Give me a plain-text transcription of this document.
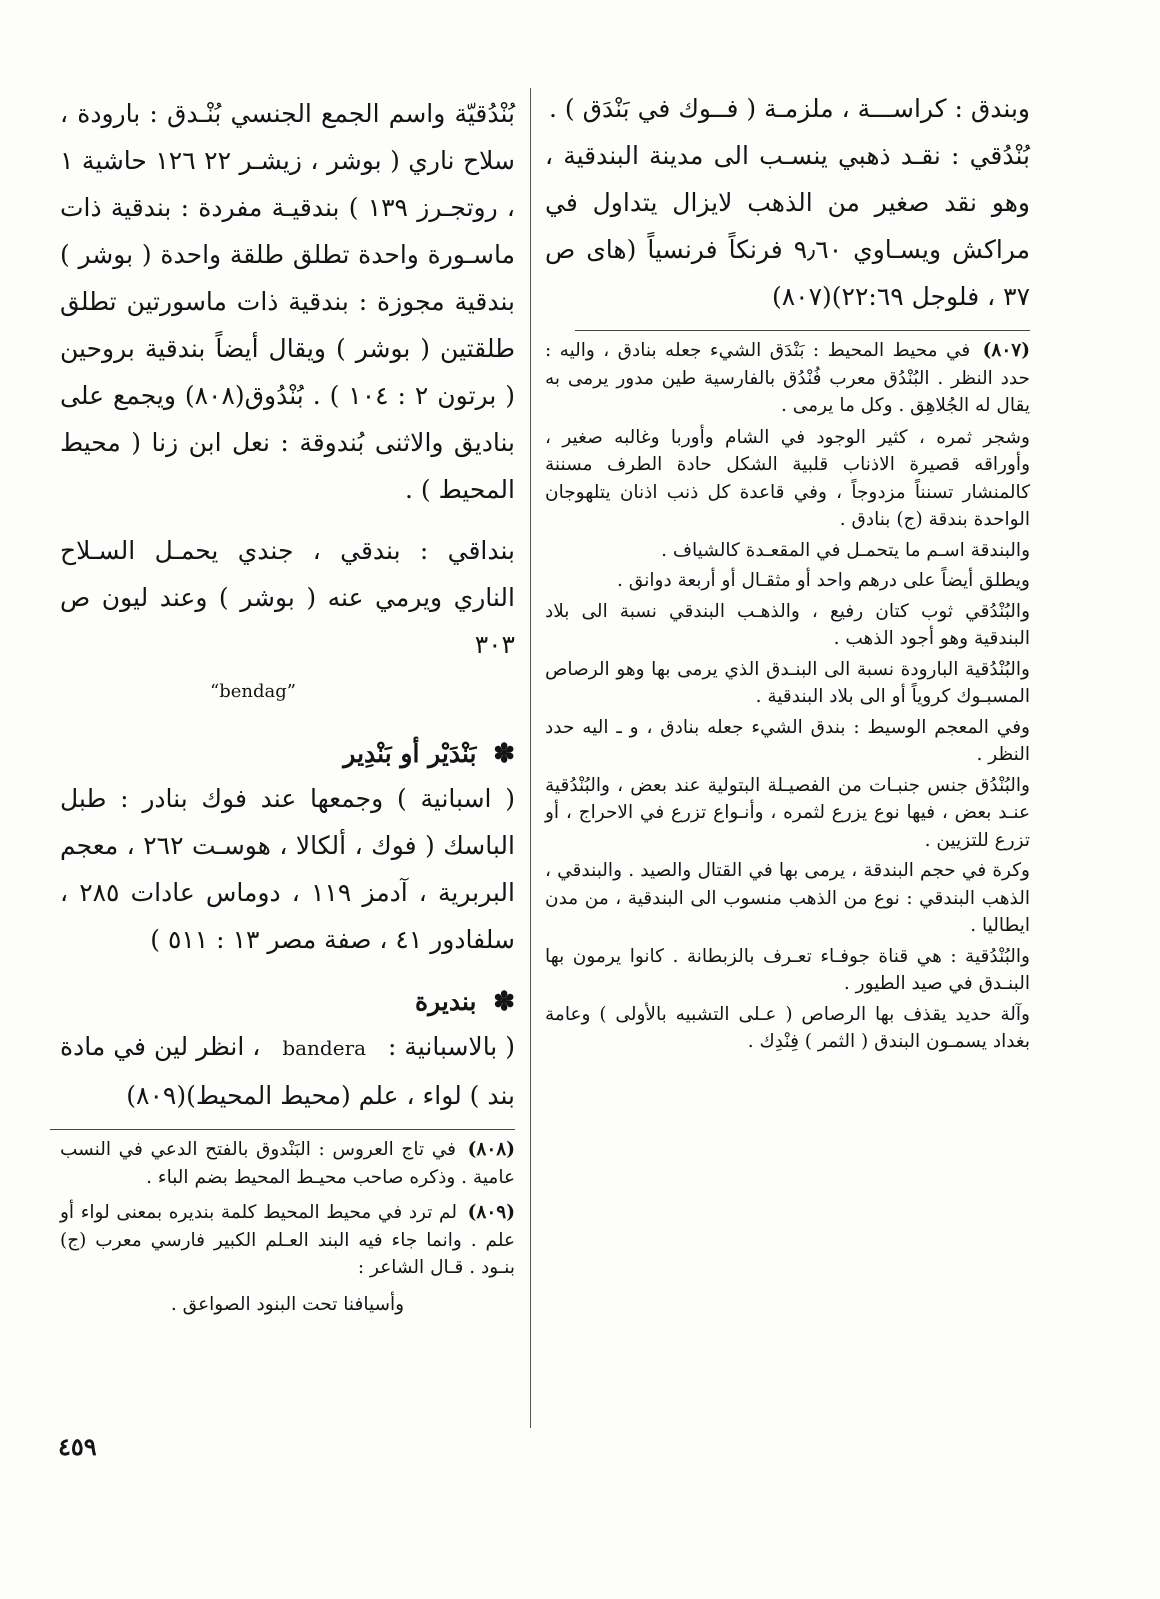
وبندق : كراســـة ، ملزمـة ( فــوك في بَنْدَق ) .

بُنْدُقي : نقـد ذهبي ينسـب الى مدينة البندقية ، وهو نقد صغير من الذهب لايزال يتداول في مراكش ويسـاوي ٩٫٦٠ فرنكاً فرنسياً (هاى ص ٣٧ ، فلوجل ٢٢:٦٩)(٨٠٧)

(٨٠٧) في محيط المحيط : بَنْدَق الشيء جعله بنادق ، واليه : حدد النظر . البُنْدُق معرب فُنْدُق بالفارسية طين مدور يرمى به يقال له الجُلاهِق . وكل ما يرمى .

وشجر ثمره ، كثير الوجود في الشام وأوربا وغالبه صغير ، وأوراقه قصيرة الاذناب قلبية الشكل حادة الطرف مسننة كالمنشار تسنناً مزدوجاً ، وفي قاعدة كل ذنب اذنان يتلهوجان الواحدة بندقة (ج) بنادق .

والبندقة اسـم ما يتحمـل في المقعـدة كالشياف .

ويطلق أيضاً على درهم واحد أو مثقـال أو أربعة دوانق .

والبُنْدُقي ثوب كتان رفيع ، والذهـب البندقي نسبة الى بلاد البندقية وهو أجود الذهب .

والبُنْدُقية البارودة نسبة الى البنـدق الذي يرمى بها وهو الرصاص المسبـوك كروياً أو الى بلاد البندقية .

وفي المعجم الوسيط : بندق الشيء جعله بنادق ، و ـ اليه حدد النظر .

والبُنْدُق جنس جنبـات من الفصيـلة البتولية عند بعض ، والبُنْدُقية عنـد بعض ، فيها نوع يزرع لثمره ، وأنـواع تزرع في الاحراج ، أو تزرع للتزيين .

وكرة في حجم البندقة ، يرمى بها في القتال والصيد . والبندقي ، الذهب البندقي : نوع من الذهب منسوب الى البندقية ، من مدن ايطاليا .

والبُنْدُقية : هي قناة جوفـاء تعـرف بالزبطانة . كانوا يرمون بها البنـدق في صيد الطيور .

وآلة حديد يقذف بها الرصاص ( عـلى التشبيه بالأولى ) وعامة بغداد يسمـون البندق ( الثمر ) فِنْدِك .

بُنْدُقيّة واسم الجمع الجنسي بُنْـدق : بارودة ، سلاح ناري ( بوشر ، زيشـر ٢٢ ١٢٦ حاشية ١ ، روتجـرز ١٣٩ ) بندقيـة مفردة : بندقية ذات ماسـورة واحدة تطلق طلقة واحدة ( بوشر ) بندقية مجوزة : بندقية ذات ماسورتين تطلق طلقتين ( بوشر ) ويقال أيضاً بندقية بروحين ( برتون ٢ : ١٠٤ ) . بُنْدُوق(٨٠٨) ويجمع على بناديق والاثنى بُندوقة : نعل ابن زنا ( محيط المحيط ) .

بنداقي : بندقي ، جندي يحمـل السـلاح الناري ويرمي عنه ( بوشر ) وعند ليون ص ٣٠٣

“bendag”

✽ بَنْدَيْر أو بَنْدِير

( اسبانية ) وجمعها عند فوك بنادر : طبل الباسك ( فوك ، ألكالا ، هوسـت ٢٦٢ ، معجم البربرية ، آدمز ١١٩ ، دوماس عادات ٢٨٥ ، سلفادور ٤١ ، صفة مصر ١٣ : ٥١١ )

✽ بنديرة

( بالاسبانية : bandera ، انظر لين في مادة بند ) لواء ، علم (محيط المحيط)(٨٠٩)

(٨٠٨) في تاج العروس : البَنْدوق بالفتح الدعي في النسب عامية . وذكره صاحب محيـط المحيط بضم الباء .
(٨٠٩) لم ترد في محيط المحيط كلمة بنديره بمعنى لواء أو علم . وانما جاء فيه البند العـلم الكبير فارسي معرب (ج) بنـود . قـال الشاعر :

وأسيافنا تحت البنود الصواعق .

٤٥٩
